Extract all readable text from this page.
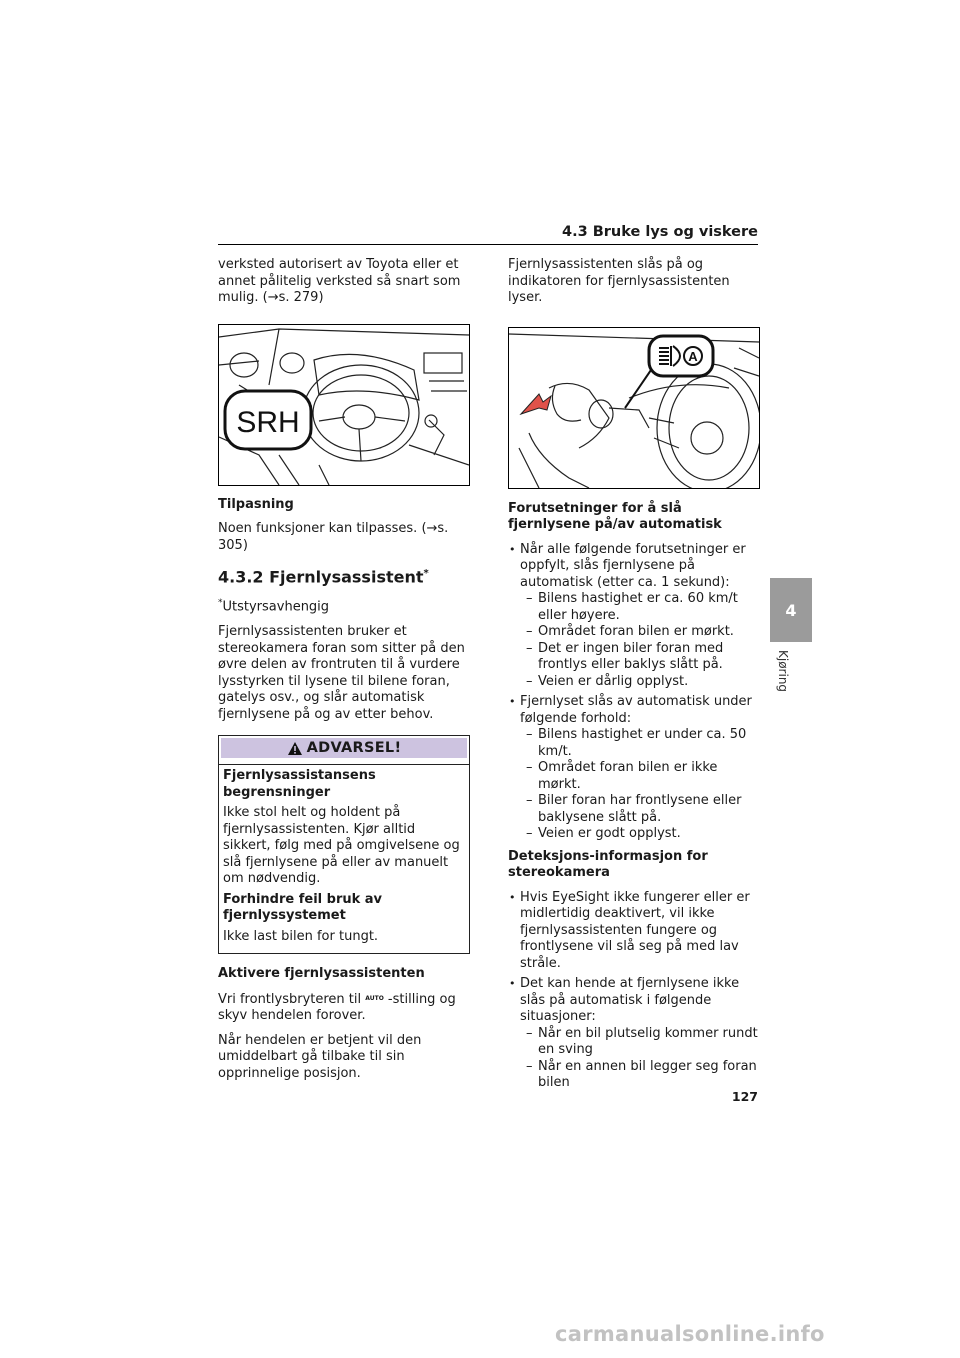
4.3 Bruke lys og viskere

verksted autorisert av Toyota eller et annet pålitelig verksted så snart som mulig. (→s. 279)

SRH

Tilpasning

Noen funksjoner kan tilpasses. (→s. 305)

4.3.2 Fjernlysassistent*

*Utstyrsavhengig

Fjernlysassistenten bruker et stereokamera foran som sitter på den øvre delen av frontruten til å vurdere lysstyrken til lysene til bilene foran, gatelys osv., og slår automatisk fjernlysene på og av etter behov.

ADVARSEL!

Fjernlysassistansens begrensninger

Ikke stol helt og holdent på fjernlysassistenten. Kjør alltid sikkert, følg med på omgivelsene og slå fjernlysene på eller av manuelt om nødvendig.

Forhindre feil bruk av fjernlyssystemet

Ikke last bilen for tungt.

Aktivere fjernlysassistenten

Vri frontlysbryteren til $^{AUTO}$ -stilling og skyv hendelen forover.

Når hendelen er betjent vil den umiddelbart gå tilbake til sin opprinnelige posisjon.

Fjernlysassistenten slås på og indikatoren for fjernlysassistenten lyser.

A

Forutsetninger for å slå fjernlysene på/av automatisk

• Når alle følgende forutsetninger er oppfylt, slås fjernlysene på automatisk (etter ca. 1 sekund):
– Bilens hastighet er ca. 60 km/t eller høyere.
– Området foran bilen er mørkt.
– Det er ingen biler foran med frontlys eller baklys slått på.
– Veien er dårlig opplyst.
• Fjernlyset slås av automatisk under følgende forhold:
– Bilens hastighet er under ca. 50 km/t.
– Området foran bilen er ikke mørkt.
– Biler foran har frontlysene eller baklysene slått på.
– Veien er godt opplyst.

Deteksjons-informasjon for stereokamera

• Hvis EyeSight ikke fungerer eller er midlertidig deaktivert, vil ikke fjernlysassistenten fungere og frontlysene vil slå seg på med lav stråle.
• Det kan hende at fjernlysene ikke slås på automatisk i følgende situasjoner:
– Når en bil plutselig kommer rundt en sving
– Når en annen bil legger seg foran bilen
4
Kjøring
127
carmanualsonline.info
